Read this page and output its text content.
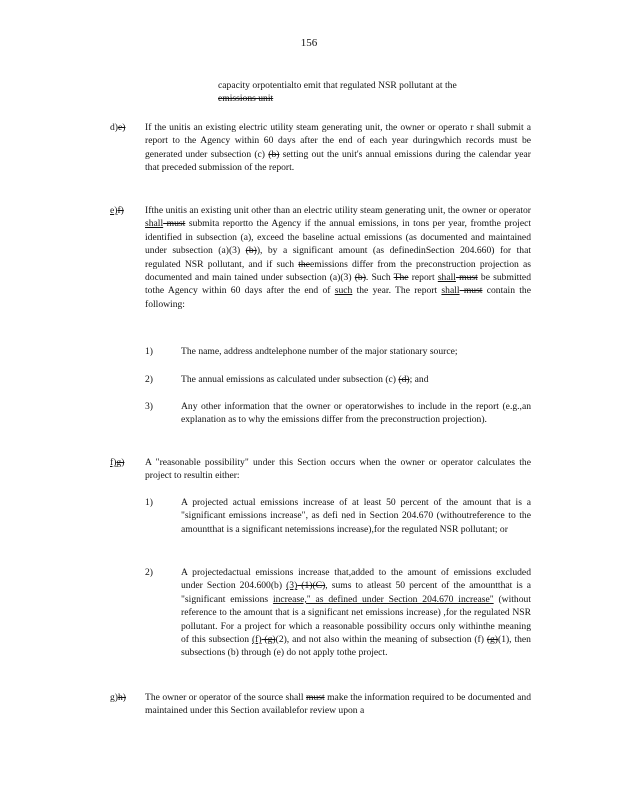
156
capacity orpotentialto emit that regulated NSR pollutant at the
emissions unit
d)e) If the unitis an existing electric utility steam generating unit, the owner or operato r shall submit a report to the Agency within 60 days after the end of each year duringwhich records must be generated under subsection (c) (b) setting out the unit's annual emissions during the calendar year that preceded submission of the report.
e)f) Ifthe unitis an existing unit other than an electric utility steam generating unit, the owner or operator shall must submita reportto the Agency if the annual emissions, in tons per year, fromthe project identified in subsection (a), exceed the baseline actual emissions (as documented and maintained under subsection (a)(3) (b)), by a significant amount (as definedinSection 204.660) for that regulated NSR pollutant, and if such theemissions differ from the preconstruction projection as documented and main tained under subsection (a)(3) (b). Such The report shall must be submitted tothe Agency within 60 days after the end of such the year. The report shall must contain the following:
1)	The name, address andtelephone number of the major stationary source;
2)	The annual emissions as calculated under subsection (c) (d); and
3)	Any other information that the owner or operatorwishes to include in the report (e.g.,an explanation as to why the emissions differ from the preconstruction projection).
f)g) A "reasonable possibility" under this Section occurs when the owner or operator calculates the project to resultin either:
1)	A projected actual emissions increase of at least 50 percent of the amount that is a "significant emissions increase", as defi ned in Section 204.670 (withoutreference to the amountthat is a significant netemissions increase),for the regulated NSR pollutant; or
2)	A projectedactual emissions increase that,added to the amount of emissions excluded under Section 204.600(b) (3) (1)(C), sums to atleast 50 percent of the amountthat is a "significant emissions increase," as defined under Section 204.670 increase" (without reference to the amount that is a significant net emissions increase) ,for the regulated NSR pollutant. For a project for which a reasonable possibility occurs only withinthe meaning of this subsection (f) (g)(2), and not also within the meaning of subsection (f) (g)(1), then subsections (b) through (e) do not apply tothe project.
g)h) The owner or operator of the source shall must make the information required to be documented and maintained under this Section availablefor review upon a
